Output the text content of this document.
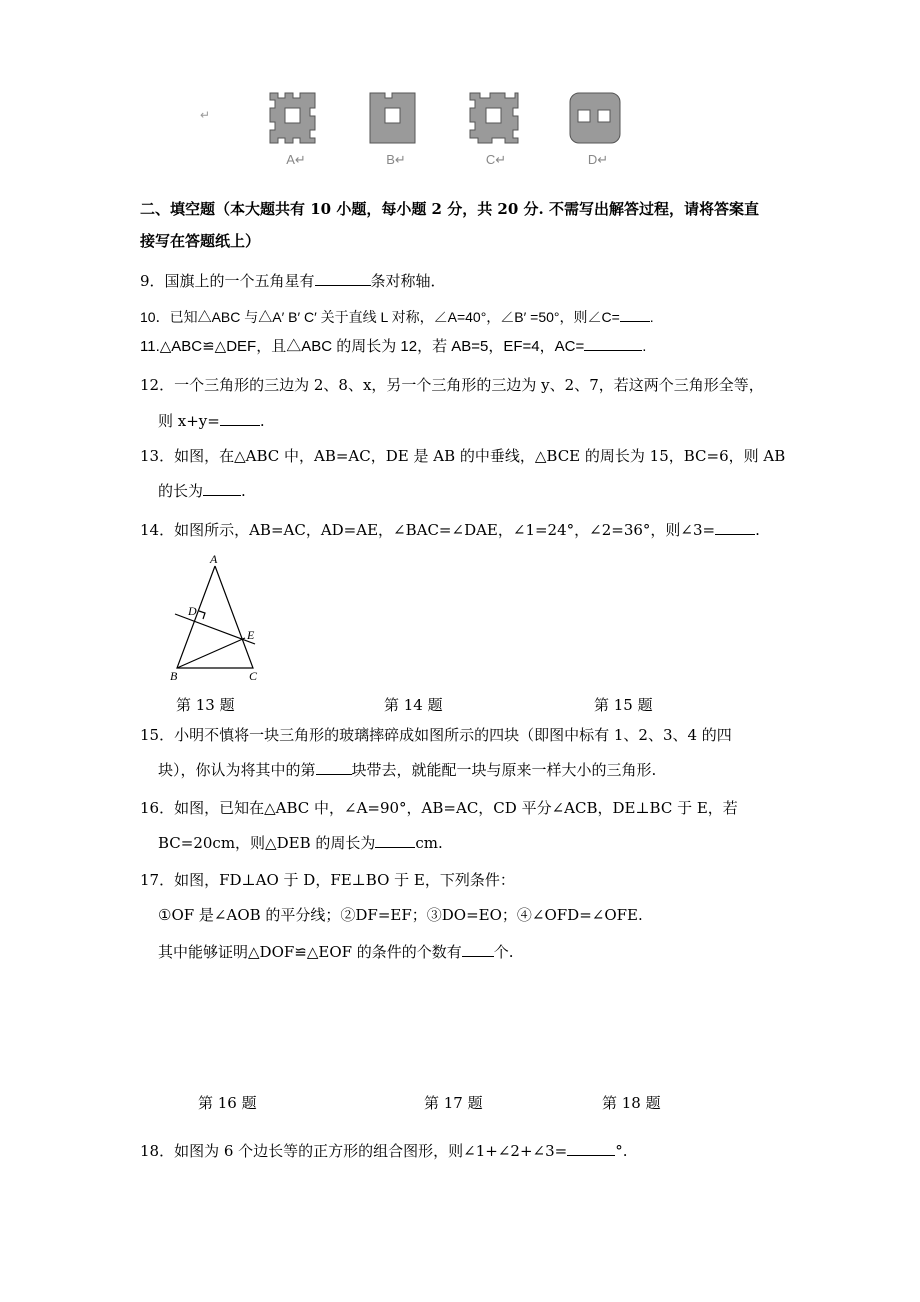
↵
A↵	B↵	C↵	D↵
二、填空题（本大题共有 10 小题，每小题 2 分，共 20 分. 不需写出解答过程，请将答案直
接写在答题纸上）
9．国旗上的一个五角星有	条对称轴．
10．已知△ABC 与△A′ B′ C′ 关于直线 L 对称，∠A=40°，∠B′ =50°，则∠C= .
11.△ABC≌△DEF，且△ABC 的周长为 12，若 AB=5，EF=4，AC=	.
12．一个三角形的三边为 2、8、x，另一个三角形的三边为 y、2、7，若这两个三角形全等，
则 x+y=	.
13．如图，在△ABC 中，AB=AC，DE 是 AB 的中垂线，△BCE 的周长为 15，BC=6，则 AB
的长为	.
14．如图所示，AB=AC，AD=AE，∠BAC=∠DAE，∠1=24°，∠2=36°，则∠3=	.
A
D
E
B	C
第 13 题	第 14 题	第 15 题
15．小明不慎将一块三角形的玻璃摔碎成如图所示的四块（即图中标有 1、2、3、4 的四
块），你认为将其中的第 块带去，就能配一块与原来一样大小的三角形.
16．如图，已知在△ABC 中，∠A=90°，AB=AC，CD 平分∠ACB，DE⊥BC 于 E，若
BC=20cm，则△DEB 的周长为	cm.
17．如图，FD⊥AO 于 D，FE⊥BO 于 E，下列条件：
①OF 是∠AOB 的平分线；②DF=EF；③DO=EO；④∠OFD=∠OFE.
其中能够证明△DOF≌△EOF 的条件的个数有 个.
第 16 题	第 17 题	第 18 题
18．如图为 6 个边长等的正方形的组合图形，则∠1+∠2+∠3=	°.
